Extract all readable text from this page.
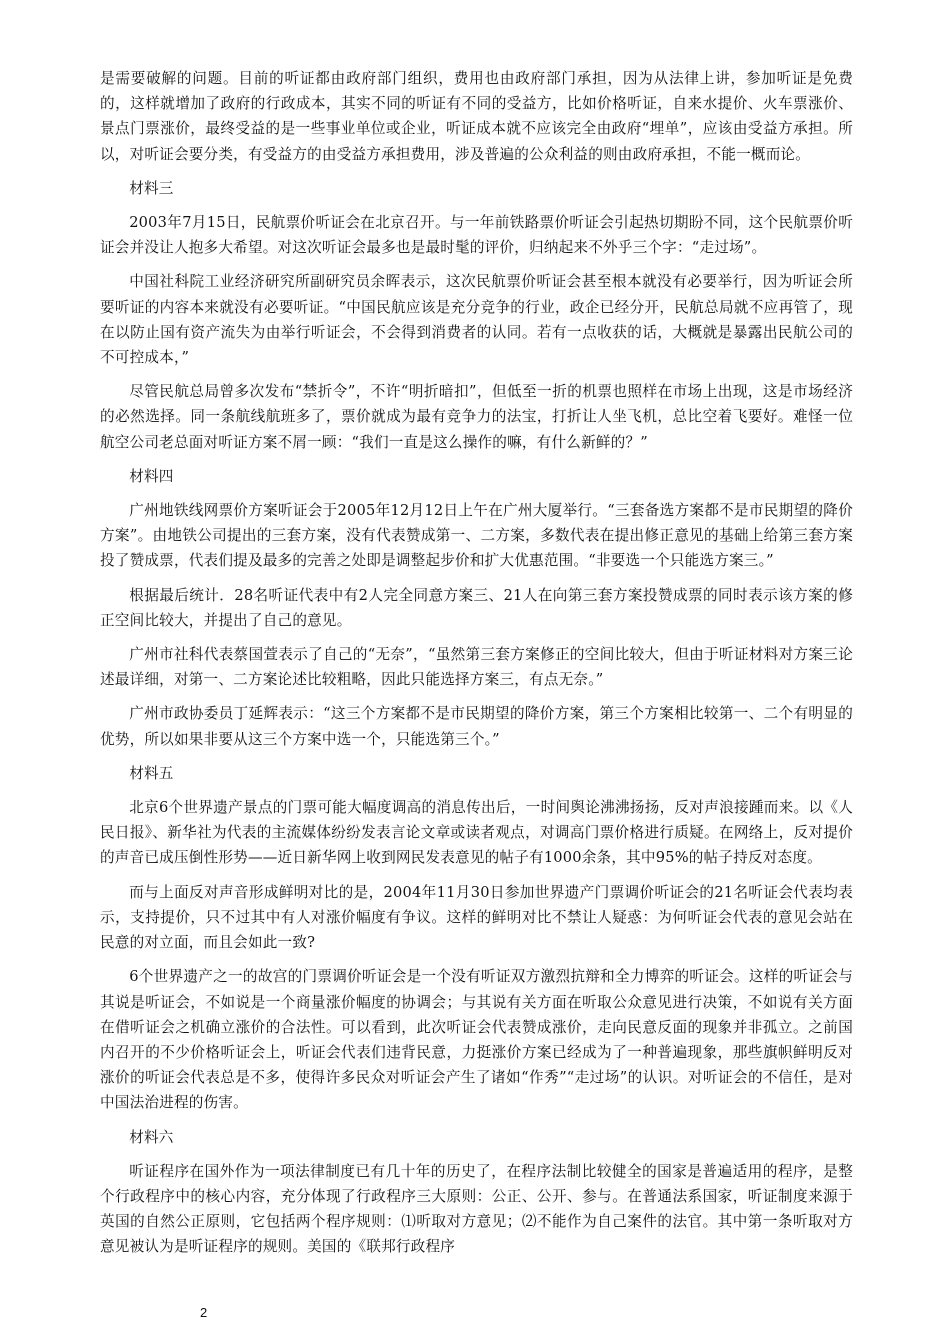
是需要破解的问题。目前的听证都由政府部门组织，费用也由政府部门承担，因为从法律上讲，参加听证是免费的，这样就增加了政府的行政成本，其实不同的听证有不同的受益方，比如价格听证，自来水提价、火车票涨价、景点门票涨价，最终受益的是一些事业单位或企业，听证成本就不应该完全由政府“埋单”，应该由受益方承担。所以，对听证会要分类，有受益方的由受益方承担费用，涉及普遍的公众利益的则由政府承担，不能一概而论。

材料三

2003年7月15日，民航票价听证会在北京召开。与一年前铁路票价听证会引起热切期盼不同，这个民航票价听证会并没让人抱多大希望。对这次听证会最多也是最时髦的评价，归纳起来不外乎三个字：“走过场”。

中国社科院工业经济研究所副研究员余晖表示，这次民航票价听证会甚至根本就没有必要举行，因为听证会所要听证的内容本来就没有必要听证。“中国民航应该是充分竞争的行业，政企已经分开，民航总局就不应再管了，现在以防止国有资产流失为由举行听证会，不会得到消费者的认同。若有一点收获的话，大概就是暴露出民航公司的不可控成本，”

尽管民航总局曾多次发布“禁折令”，不许“明折暗扣”，但低至一折的机票也照样在市场上出现，这是市场经济的必然选择。同一条航线航班多了，票价就成为最有竞争力的法宝，打折让人坐飞机，总比空着飞要好。难怪一位航空公司老总面对听证方案不屑一顾：“我们一直是这么操作的嘛，有什么新鲜的？”

材料四

广州地铁线网票价方案听证会于2005年12月12日上午在广州大厦举行。“三套备选方案都不是市民期望的降价方案”。由地铁公司提出的三套方案，没有代表赞成第一、二方案，多数代表在提出修正意见的基础上给第三套方案投了赞成票，代表们提及最多的完善之处即是调整起步价和扩大优惠范围。“非要选一个只能选方案三。”

根据最后统计．28名听证代表中有2人完全同意方案三、21人在向第三套方案投赞成票的同时表示该方案的修正空间比较大，并提出了自己的意见。

广州市社科代表蔡国萱表示了自己的“无奈”，“虽然第三套方案修正的空间比较大，但由于听证材料对方案三论述最详细，对第一、二方案论述比较粗略，因此只能选择方案三，有点无奈。”

广州市政协委员丁延辉表示：“这三个方案都不是市民期望的降价方案，第三个方案相比较第一、二个有明显的优势，所以如果非要从这三个方案中选一个，只能选第三个。”

材料五

北京6个世界遗产景点的门票可能大幅度调高的消息传出后，一时间舆论沸沸扬扬，反对声浪接踵而来。以《人民日报》、新华社为代表的主流媒体纷纷发表言论文章或读者观点，对调高门票价格进行质疑。在网络上，反对提价的声音已成压倒性形势——近日新华网上收到网民发表意见的帖子有1000余条，其中95%的帖子持反对态度。

而与上面反对声音形成鲜明对比的是，2004年11月30日参加世界遗产门票调价听证会的21名听证会代表均表示，支持提价，只不过其中有人对涨价幅度有争议。这样的鲜明对比不禁让人疑惑：为何听证会代表的意见会站在民意的对立面，而且会如此一致?

6个世界遗产之一的故宫的门票调价听证会是一个没有听证双方激烈抗辩和全力博弈的听证会。这样的听证会与其说是听证会，不如说是一个商量涨价幅度的协调会；与其说有关方面在听取公众意见进行决策，不如说有关方面在借听证会之机确立涨价的合法性。可以看到，此次听证会代表赞成涨价，走向民意反面的现象并非孤立。之前国内召开的不少价格听证会上，听证会代表们违背民意，力挺涨价方案已经成为了一种普遍现象，那些旗帜鲜明反对涨价的听证会代表总是不多，使得许多民众对听证会产生了诸如“作秀”“走过场”的认识。对听证会的不信任，是对中国法治进程的伤害。

材料六

听证程序在国外作为一项法律制度已有几十年的历史了，在程序法制比较健全的国家是普遍适用的程序，是整个行政程序中的核心内容，充分体现了行政程序三大原则：公正、公开、参与。在普通法系国家，听证制度来源于英国的自然公正原则，它包括两个程序规则：⑴听取对方意见；⑵不能作为自己案件的法官。其中第一条听取对方意见被认为是听证程序的规则。美国的《联邦行政程序

2
